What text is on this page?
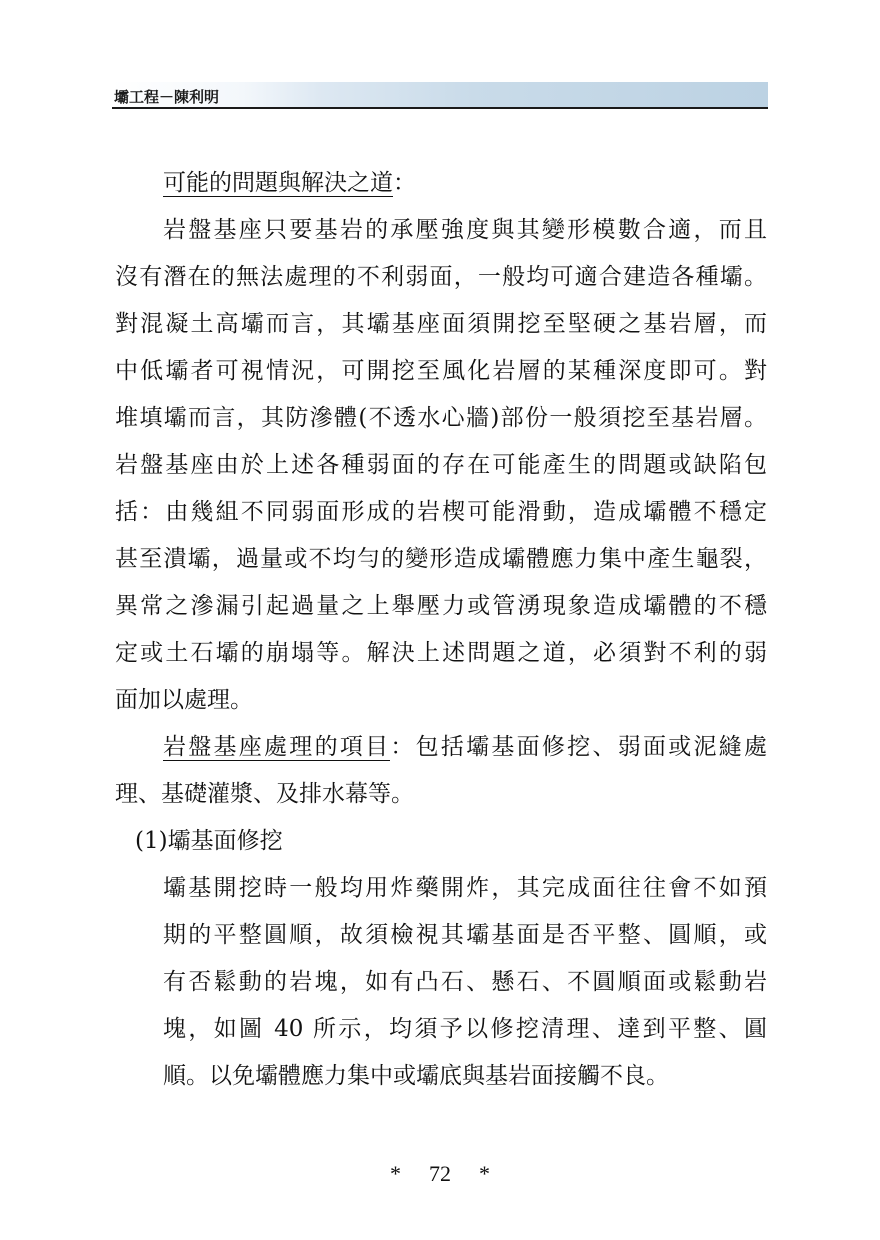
壩工程－陳利明
可能的問題與解決之道：
岩盤基座只要基岩的承壓強度與其變形模數合適，而且
沒有潛在的無法處理的不利弱面，一般均可適合建造各種壩。
對混凝土高壩而言，其壩基座面須開挖至堅硬之基岩層，而
中低壩者可視情況，可開挖至風化岩層的某種深度即可。對
堆填壩而言，其防滲體(不透水心牆)部份一般須挖至基岩層。
岩盤基座由於上述各種弱面的存在可能產生的問題或缺陷包
括：由幾組不同弱面形成的岩楔可能滑動，造成壩體不穩定
甚至潰壩，過量或不均勻的變形造成壩體應力集中產生龜裂，
異常之滲漏引起過量之上舉壓力或管湧現象造成壩體的不穩
定或土石壩的崩塌等。解決上述問題之道，必須對不利的弱
面加以處理。
岩盤基座處理的項目：包括壩基面修挖、弱面或泥縫處
理、基礎灌漿、及排水幕等。
(1)壩基面修挖
壩基開挖時一般均用炸藥開炸，其完成面往往會不如預
期的平整圓順，故須檢視其壩基面是否平整、圓順，或
有否鬆動的岩塊，如有凸石、懸石、不圓順面或鬆動岩
塊，如圖 40 所示，均須予以修挖清理、達到平整、圓
順。以免壩體應力集中或壩底與基岩面接觸不良。
* 72 *
